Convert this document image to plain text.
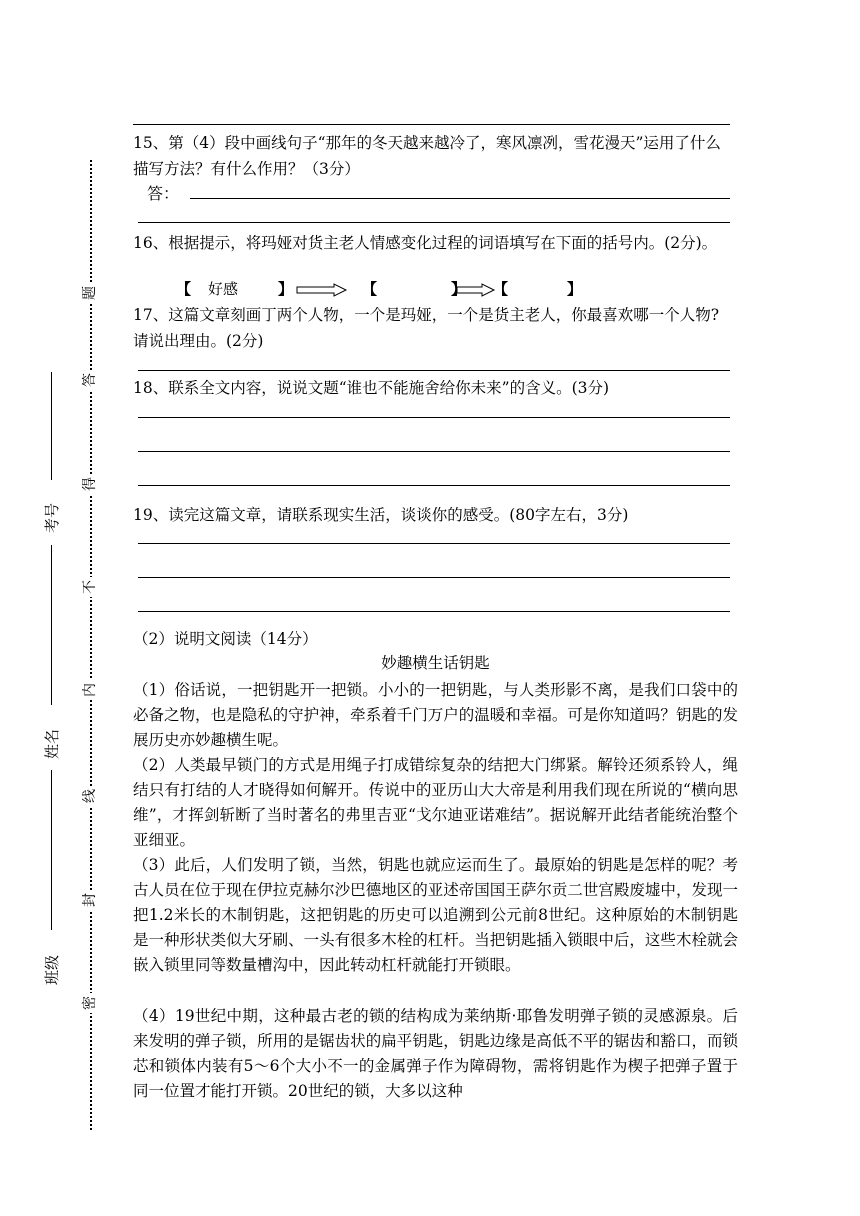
题
答
得
不
内
线
封
密
考号
姓名
班级
15、第（4）段中画线句子“那年的冬天越来越冷了，寒风凛冽，雪花漫天”运用了什么描写方法？有什么作用？（3分）
答：
16、根据提示，将玛娅对货主老人情感变化过程的词语填写在下面的括号内。(2分)。
【 好感	】	【	】 【	】
17、这篇文章刻画丁两个人物，一个是玛娅，一个是货主老人，你最喜欢哪一个人物?请说出理由。(2分)
18、联系全文内容，说说文题“谁也不能施舍给你未来”的含义。(3分)
19、读完这篇文章，请联系现实生活，谈谈你的感受。(80字左右，3分)
（2）说明文阅读（14分）
妙趣横生话钥匙
（1）俗话说，一把钥匙开一把锁。小小的一把钥匙，与人类形影不离，是我们口袋中的必备之物，也是隐私的守护神，牵系着千门万户的温暖和幸福。可是你知道吗？钥匙的发展历史亦妙趣横生呢。
（2）人类最早锁门的方式是用绳子打成错综复杂的结把大门绑紧。解铃还须系铃人，绳结只有打结的人才晓得如何解开。传说中的亚历山大大帝是利用我们现在所说的“横向思维”，才挥剑斩断了当时著名的弗里吉亚“戈尔迪亚诺难结”。据说解开此结者能统治整个亚细亚。
（3）此后，人们发明了锁，当然，钥匙也就应运而生了。最原始的钥匙是怎样的呢？考古人员在位于现在伊拉克赫尔沙巴德地区的亚述帝国国王萨尔贡二世宫殿废墟中，发现一把1.2米长的木制钥匙，这把钥匙的历史可以追溯到公元前8世纪。这种原始的木制钥匙是一种形状类似大牙刷、一头有很多木栓的杠杆。当把钥匙插入锁眼中后，这些木栓就会嵌入锁里同等数量槽沟中，因此转动杠杆就能打开锁眼。
（4）19世纪中期，这种最古老的锁的结构成为莱纳斯·耶鲁发明弹子锁的灵感源泉。后来发明的弹子锁，所用的是锯齿状的扁平钥匙，钥匙边缘是高低不平的锯齿和豁口，而锁芯和锁体内装有5～6个大小不一的金属弹子作为障碍物，需将钥匙作为楔子把弹子置于同一位置才能打开锁。20世纪的锁，大多以这种
